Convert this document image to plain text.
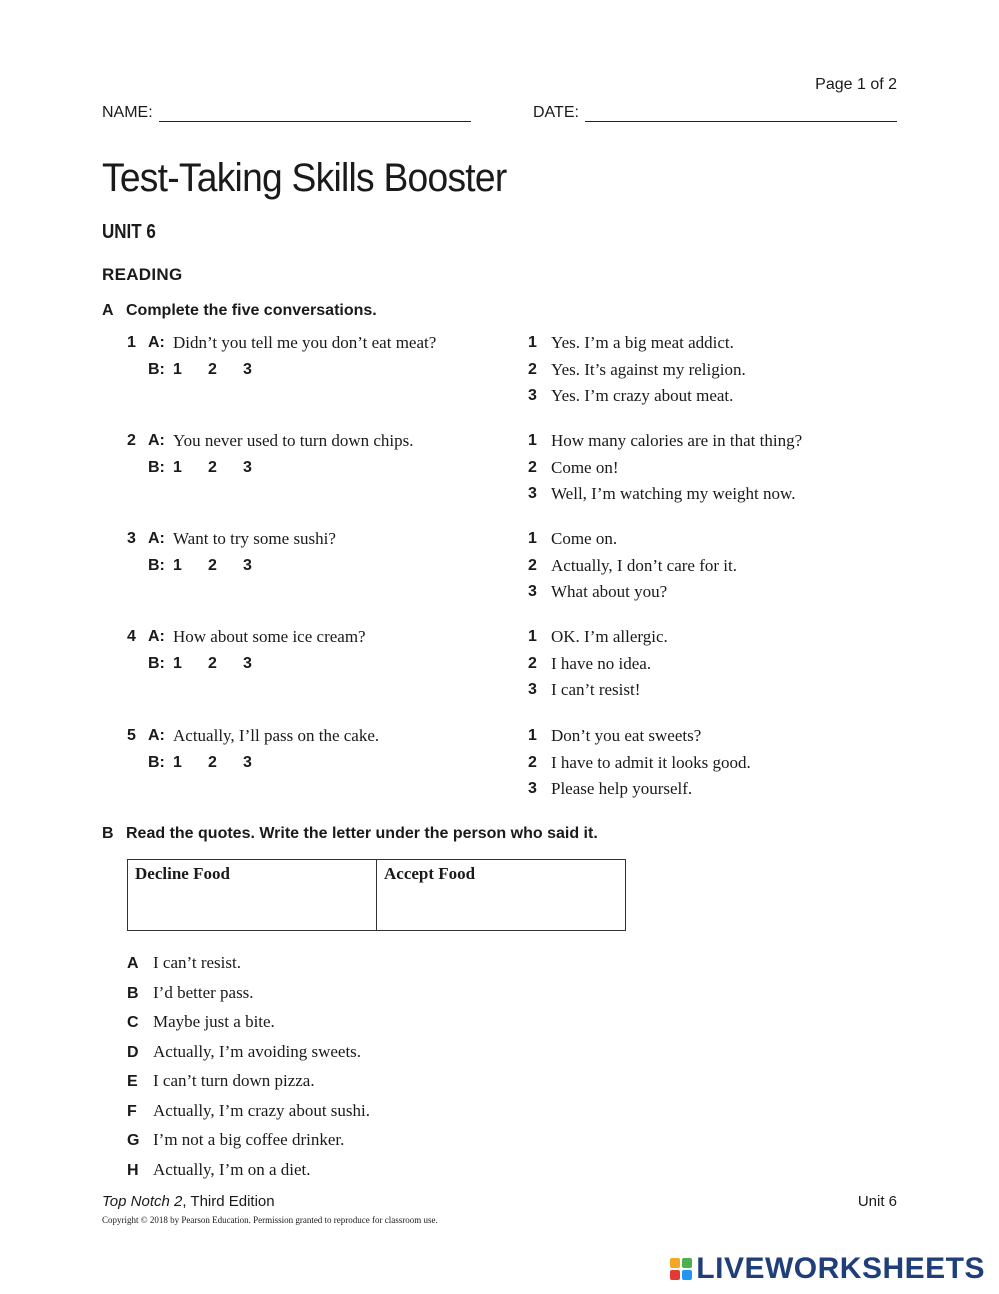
Page 1 of 2
NAME:	DATE:
Test-Taking Skills Booster
UNIT 6
READING
A Complete the five conversations.
1 A: Didn’t you tell me you don’t eat meat?
B: 1 2 3
1 Yes. I’m a big meat addict.
2 Yes. It’s against my religion.
3 Yes. I’m crazy about meat.
2 A: You never used to turn down chips.
B: 1 2 3
1 How many calories are in that thing?
2 Come on!
3 Well, I’m watching my weight now.
3 A: Want to try some sushi?
B: 1 2 3
1 Come on.
2 Actually, I don’t care for it.
3 What about you?
4 A: How about some ice cream?
B: 1 2 3
1 OK. I’m allergic.
2 I have no idea.
3 I can’t resist!
5 A: Actually, I’ll pass on the cake.
B: 1 2 3
1 Don’t you eat sweets?
2 I have to admit it looks good.
3 Please help yourself.
B Read the quotes. Write the letter under the person who said it.
Decline Food	Accept Food
A I can’t resist.
B I’d better pass.
C Maybe just a bite.
D Actually, I’m avoiding sweets.
E I can’t turn down pizza.
F Actually, I’m crazy about sushi.
G I’m not a big coffee drinker.
H Actually, I’m on a diet.
Top Notch 2, Third Edition	Unit 6
Copyright © 2018 by Pearson Education. Permission granted to reproduce for classroom use.
LIVEWORKSHEETS
